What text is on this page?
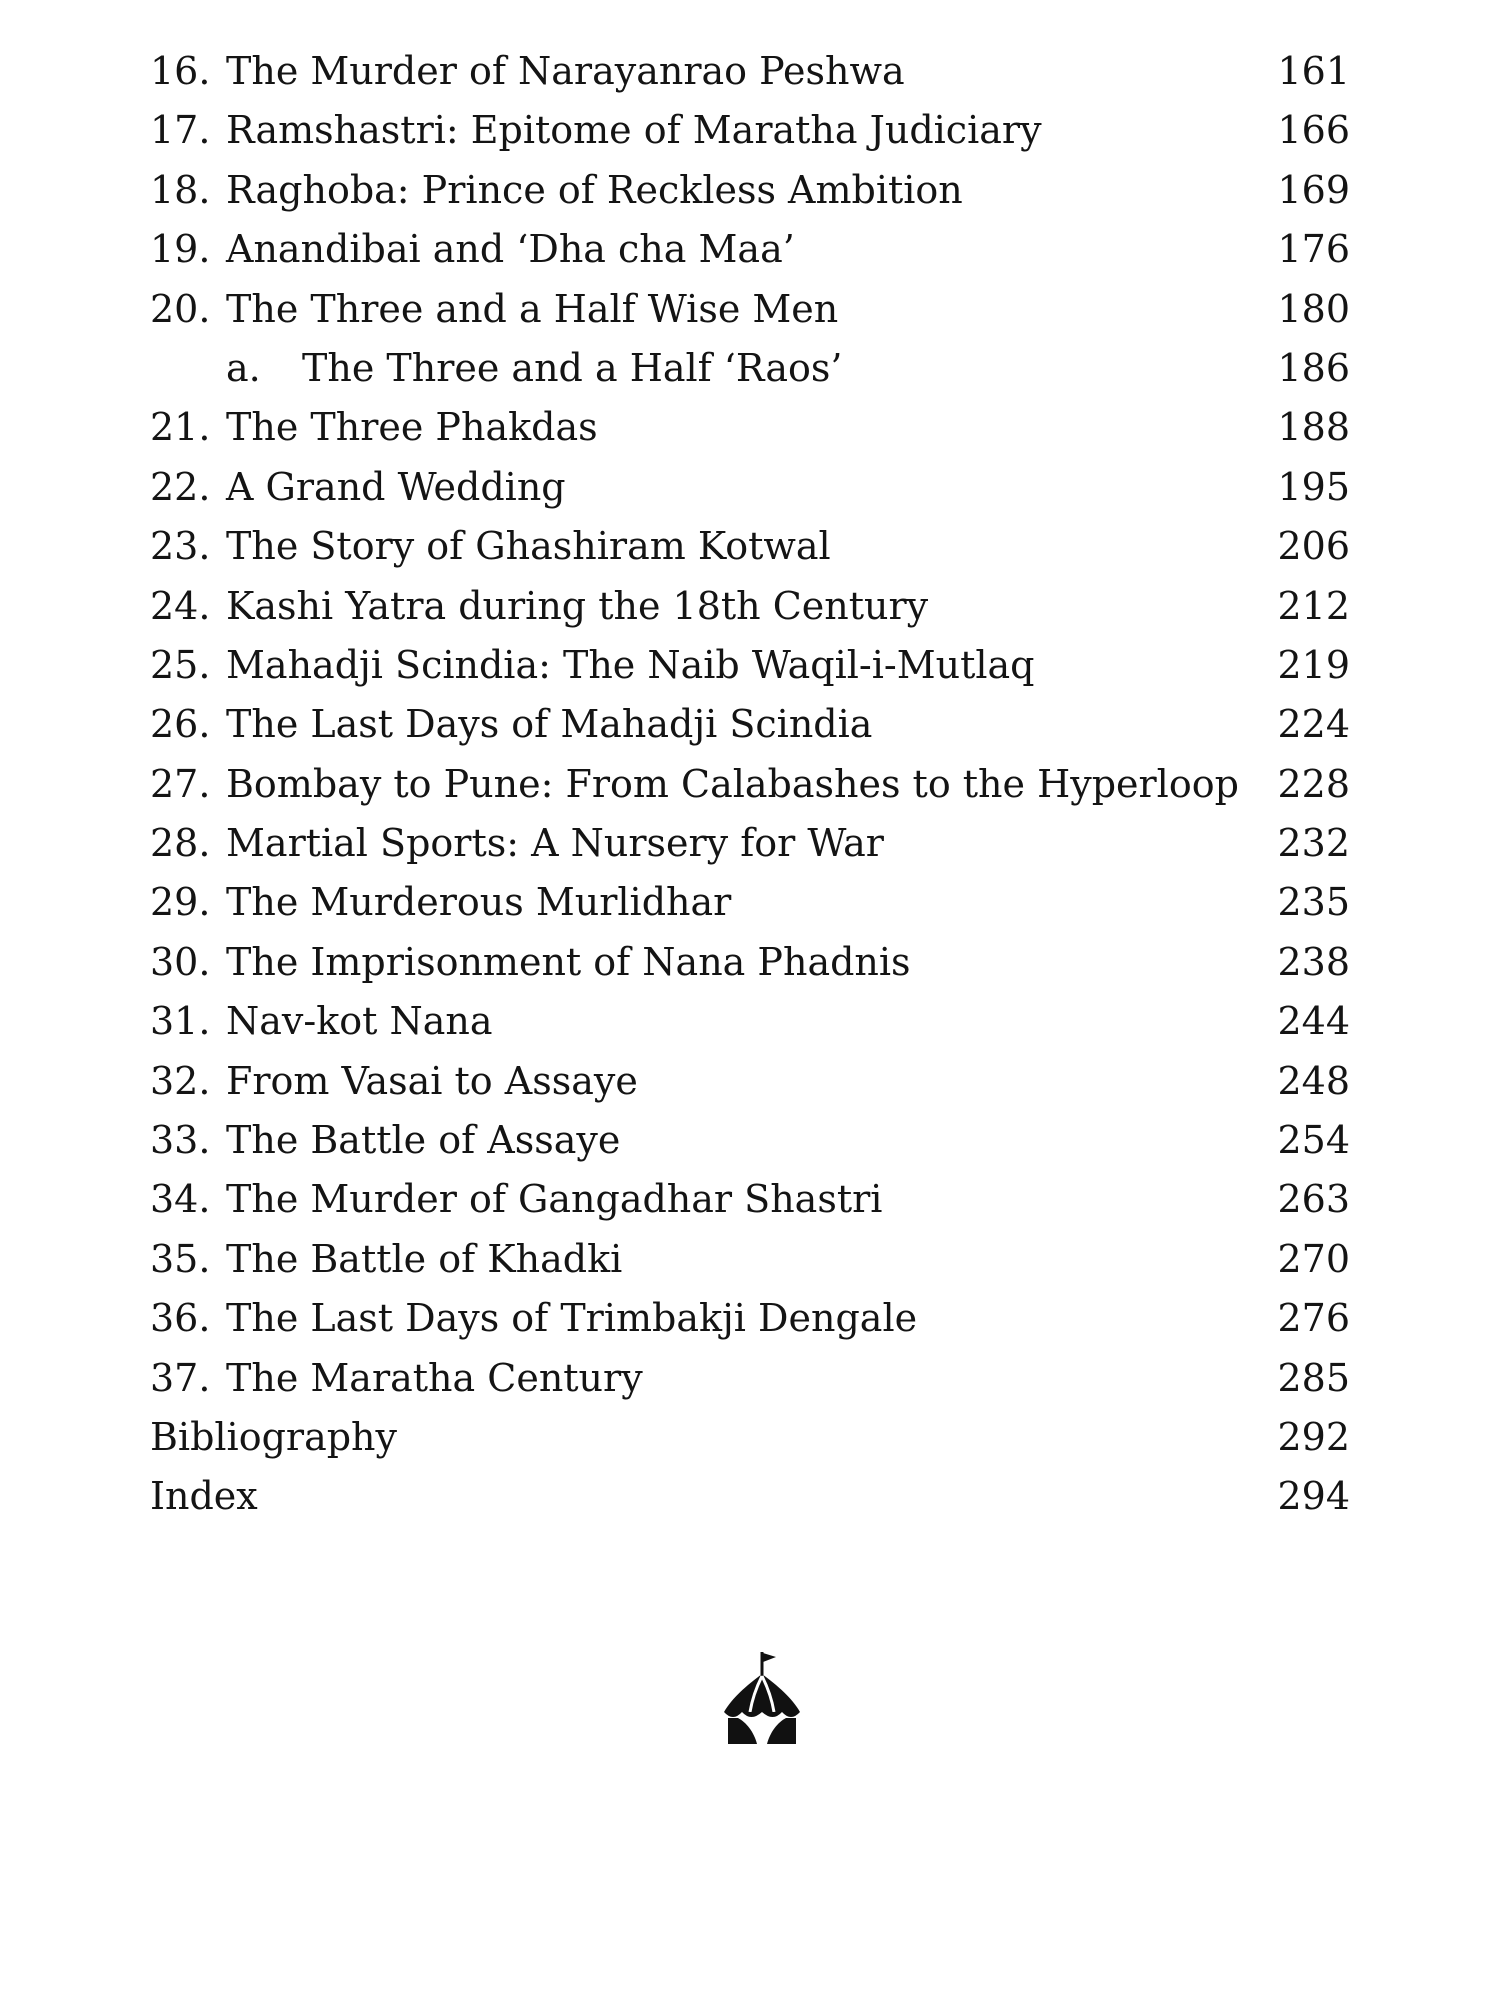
16. The Murder of Narayanrao Peshwa	161
17. Ramshastri: Epitome of Maratha Judiciary	166
18. Raghoba: Prince of Reckless Ambition	169
19. Anandibai and ‘Dha cha Maa’	176
20. The Three and a Half Wise Men	180
a. The Three and a Half ‘Raos’	186
21. The Three Phakdas	188
22. A Grand Wedding	195
23. The Story of Ghashiram Kotwal	206
24. Kashi Yatra during the 18th Century	212
25. Mahadji Scindia: The Naib Waqil-i-Mutlaq	219
26. The Last Days of Mahadji Scindia	224
27. Bombay to Pune: From Calabashes to the Hyperloop 228
28. Martial Sports: A Nursery for War	232
29. The Murderous Murlidhar	235
30. The Imprisonment of Nana Phadnis	238
31. Nav-kot Nana	244
32. From Vasai to Assaye	248
33. The Battle of Assaye	254
34. The Murder of Gangadhar Shastri	263
35. The Battle of Khadki	270
36. The Last Days of Trimbakji Dengale	276
37. The Maratha Century	285
Bibliography	292
Index	294
